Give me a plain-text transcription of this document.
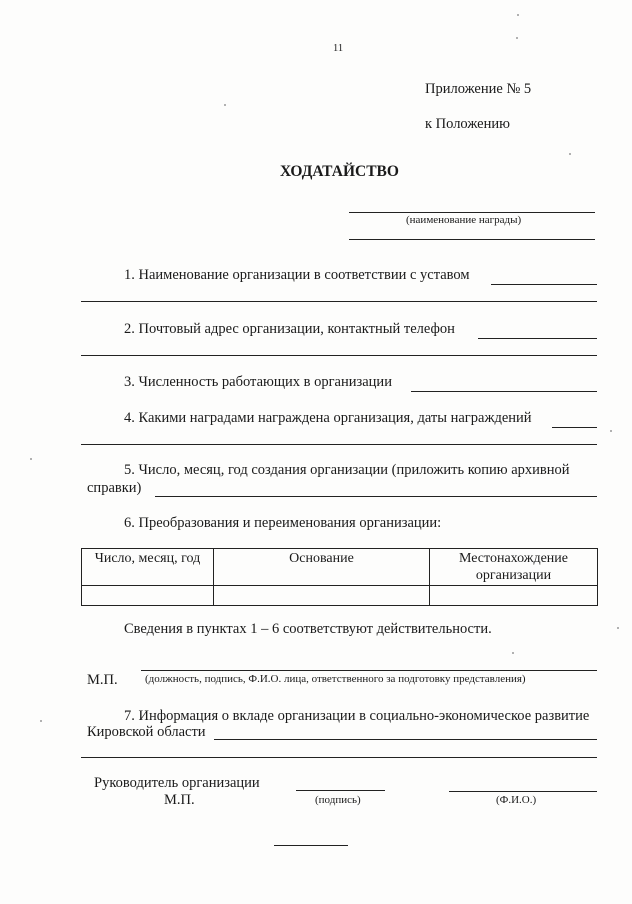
11
Приложение № 5
к Положению
ХОДАТАЙСТВО
(наименование награды)
1. Наименование организации в соответствии с уставом
2. Почтовый адрес организации, контактный телефон
3. Численность работающих в организации
4. Какими наградами награждена организация, даты награждений
5. Число, месяц, год создания организации (приложить копию архивной
справки)
6. Преобразования и переименования организации:
Число, месяц, год	Основание	Местонахождение
организации

Сведения в пунктах 1 – 6 соответствуют действительности.
М.П. (должность, подпись, Ф.И.О. лица, ответственного за подготовку представления)
7. Информация о вкладе организации в социально-экономическое развитие
Кировской области
Руководитель организации
М.П.	(подпись)	(Ф.И.О.)
